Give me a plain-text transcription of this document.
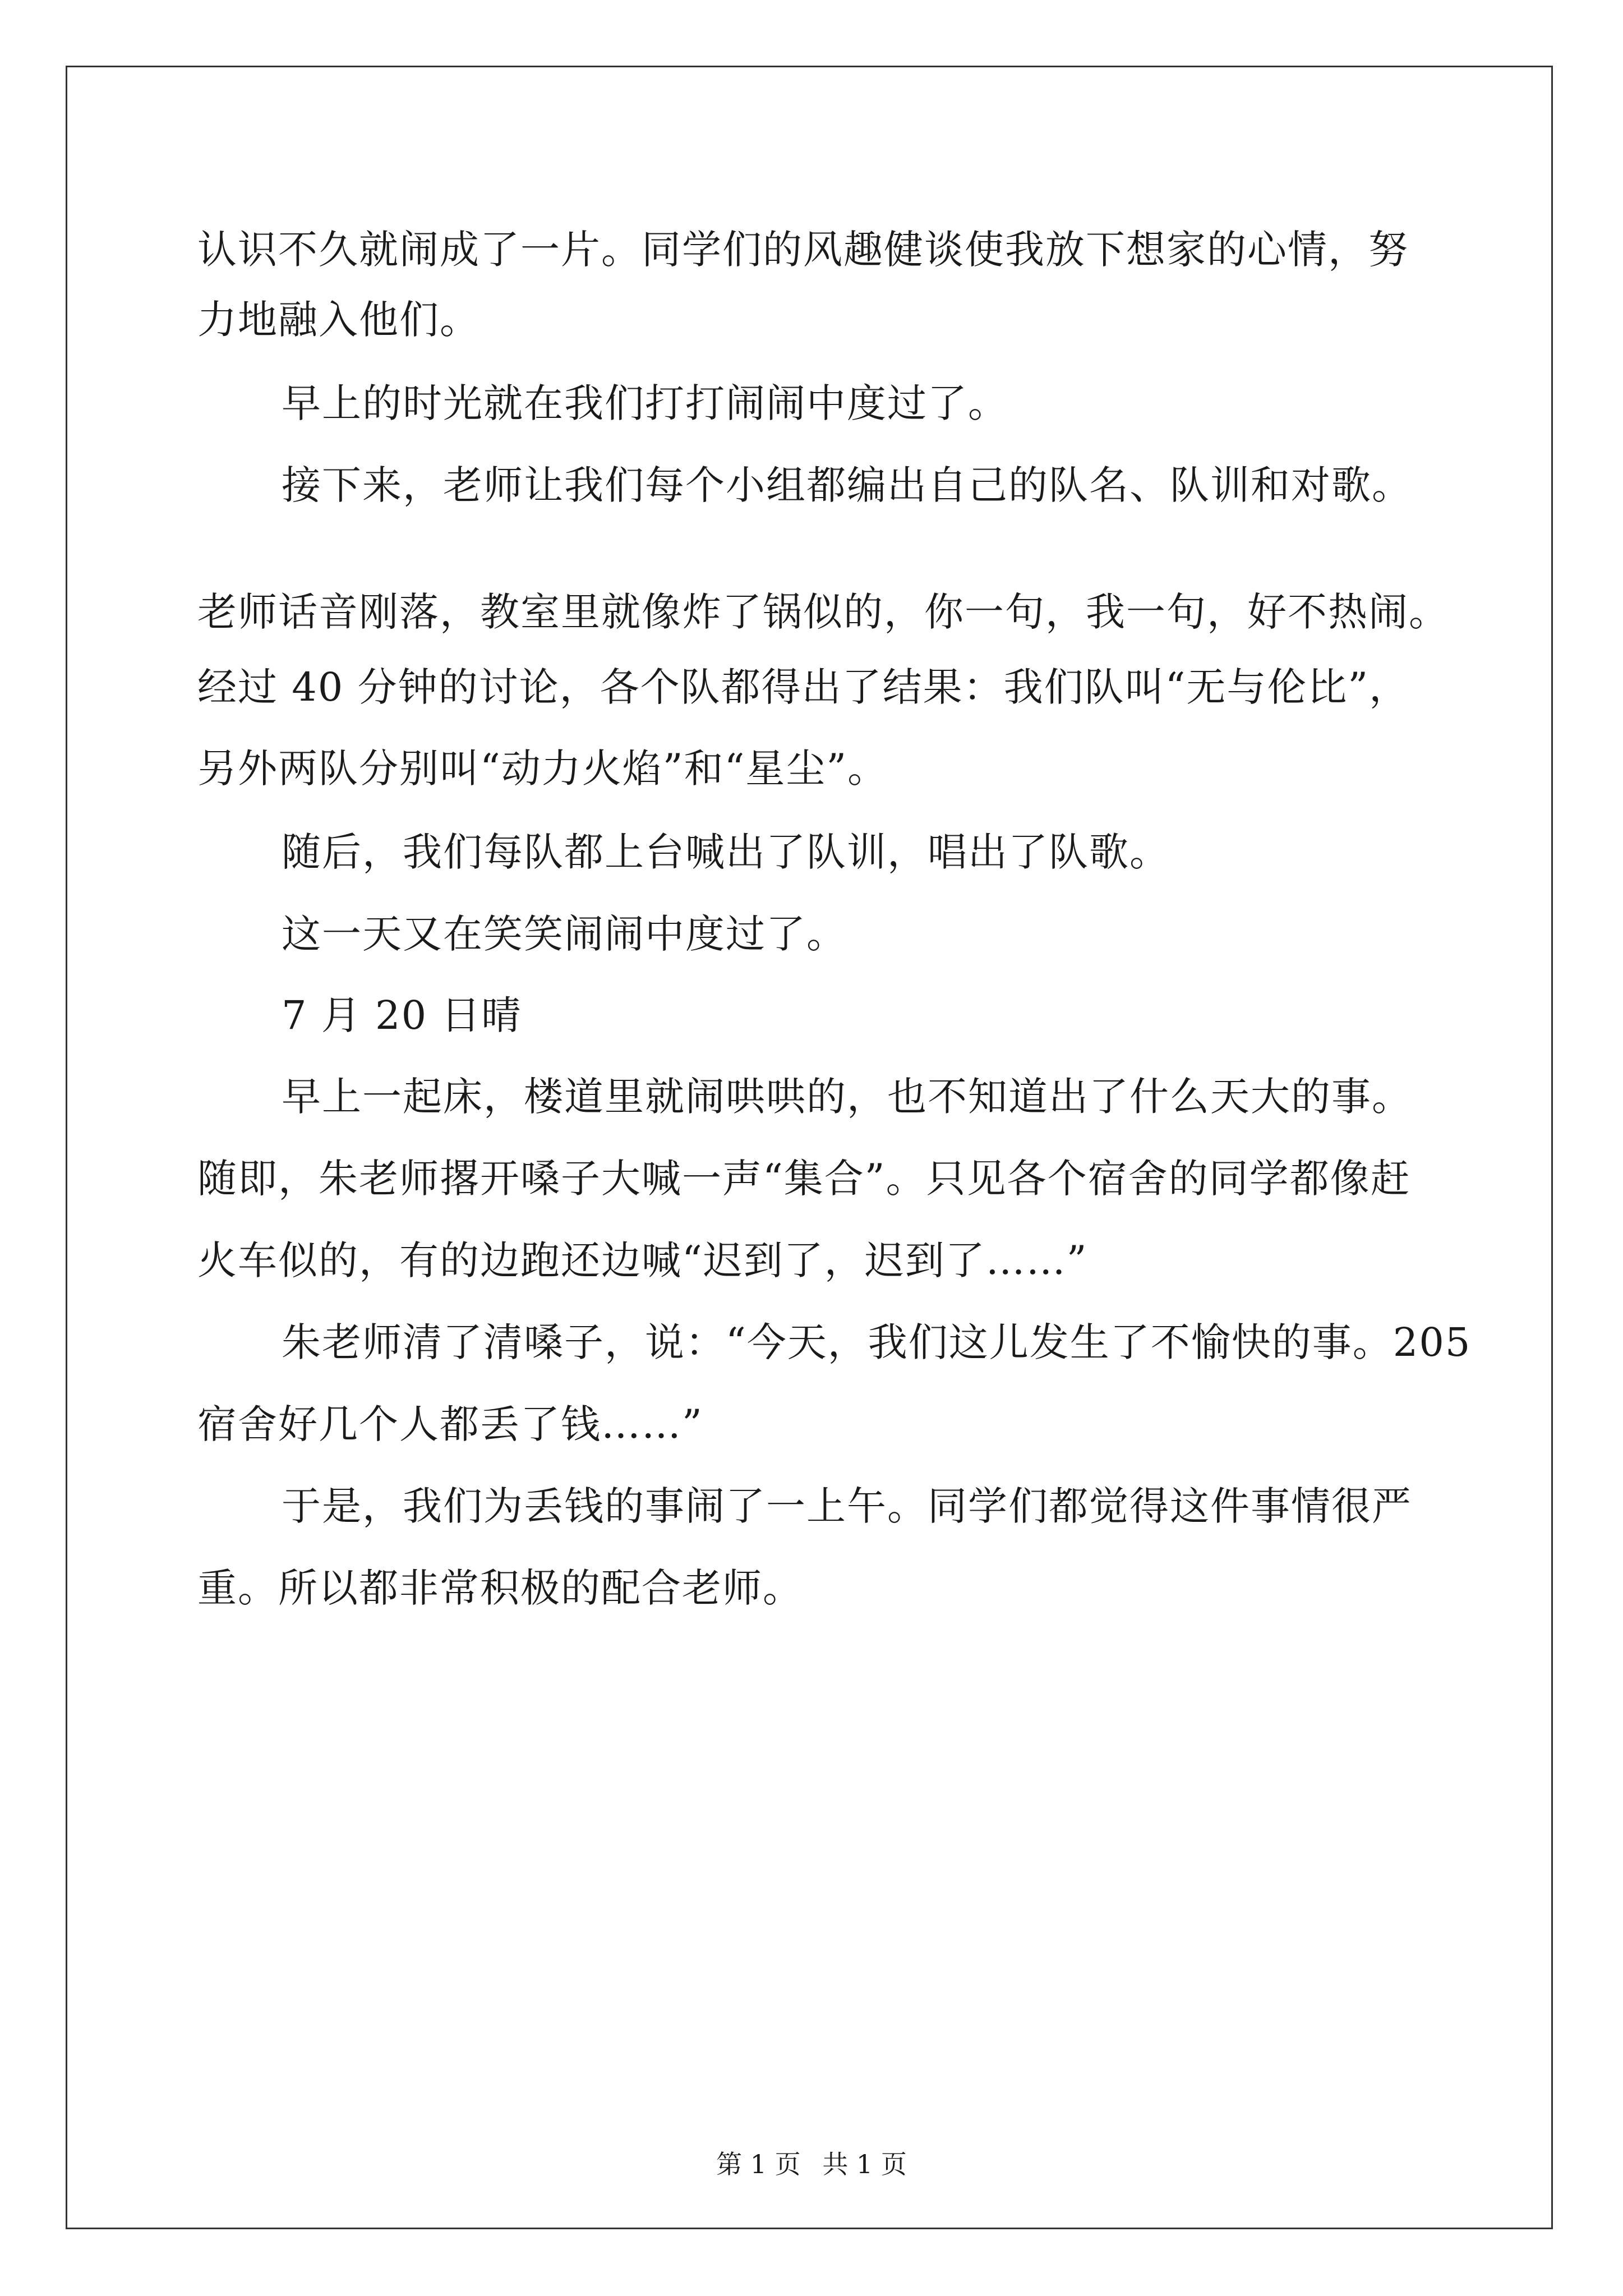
认识不久就闹成了一片。同学们的风趣健谈使我放下想家的心情，努
力地融入他们。
早上的时光就在我们打打闹闹中度过了。
接下来，老师让我们每个小组都编出自己的队名、队训和对歌。
老师话音刚落，教室里就像炸了锅似的，你一句，我一句，好不热闹。
经过 40 分钟的讨论，各个队都得出了结果：我们队叫“无与伦比”，
另外两队分别叫“动力火焰”和“星尘”。
随后，我们每队都上台喊出了队训，唱出了队歌。
这一天又在笑笑闹闹中度过了。
7 月 20 日晴
早上一起床，楼道里就闹哄哄的，也不知道出了什么天大的事。
随即，朱老师撂开嗓子大喊一声“集合”。只见各个宿舍的同学都像赶
火车似的，有的边跑还边喊“迟到了，迟到了……”
朱老师清了清嗓子，说：“今天，我们这儿发生了不愉快的事。205
宿舍好几个人都丢了钱……”
于是，我们为丢钱的事闹了一上午。同学们都觉得这件事情很严
重。所以都非常积极的配合老师。
第 1 页 共 1 页
